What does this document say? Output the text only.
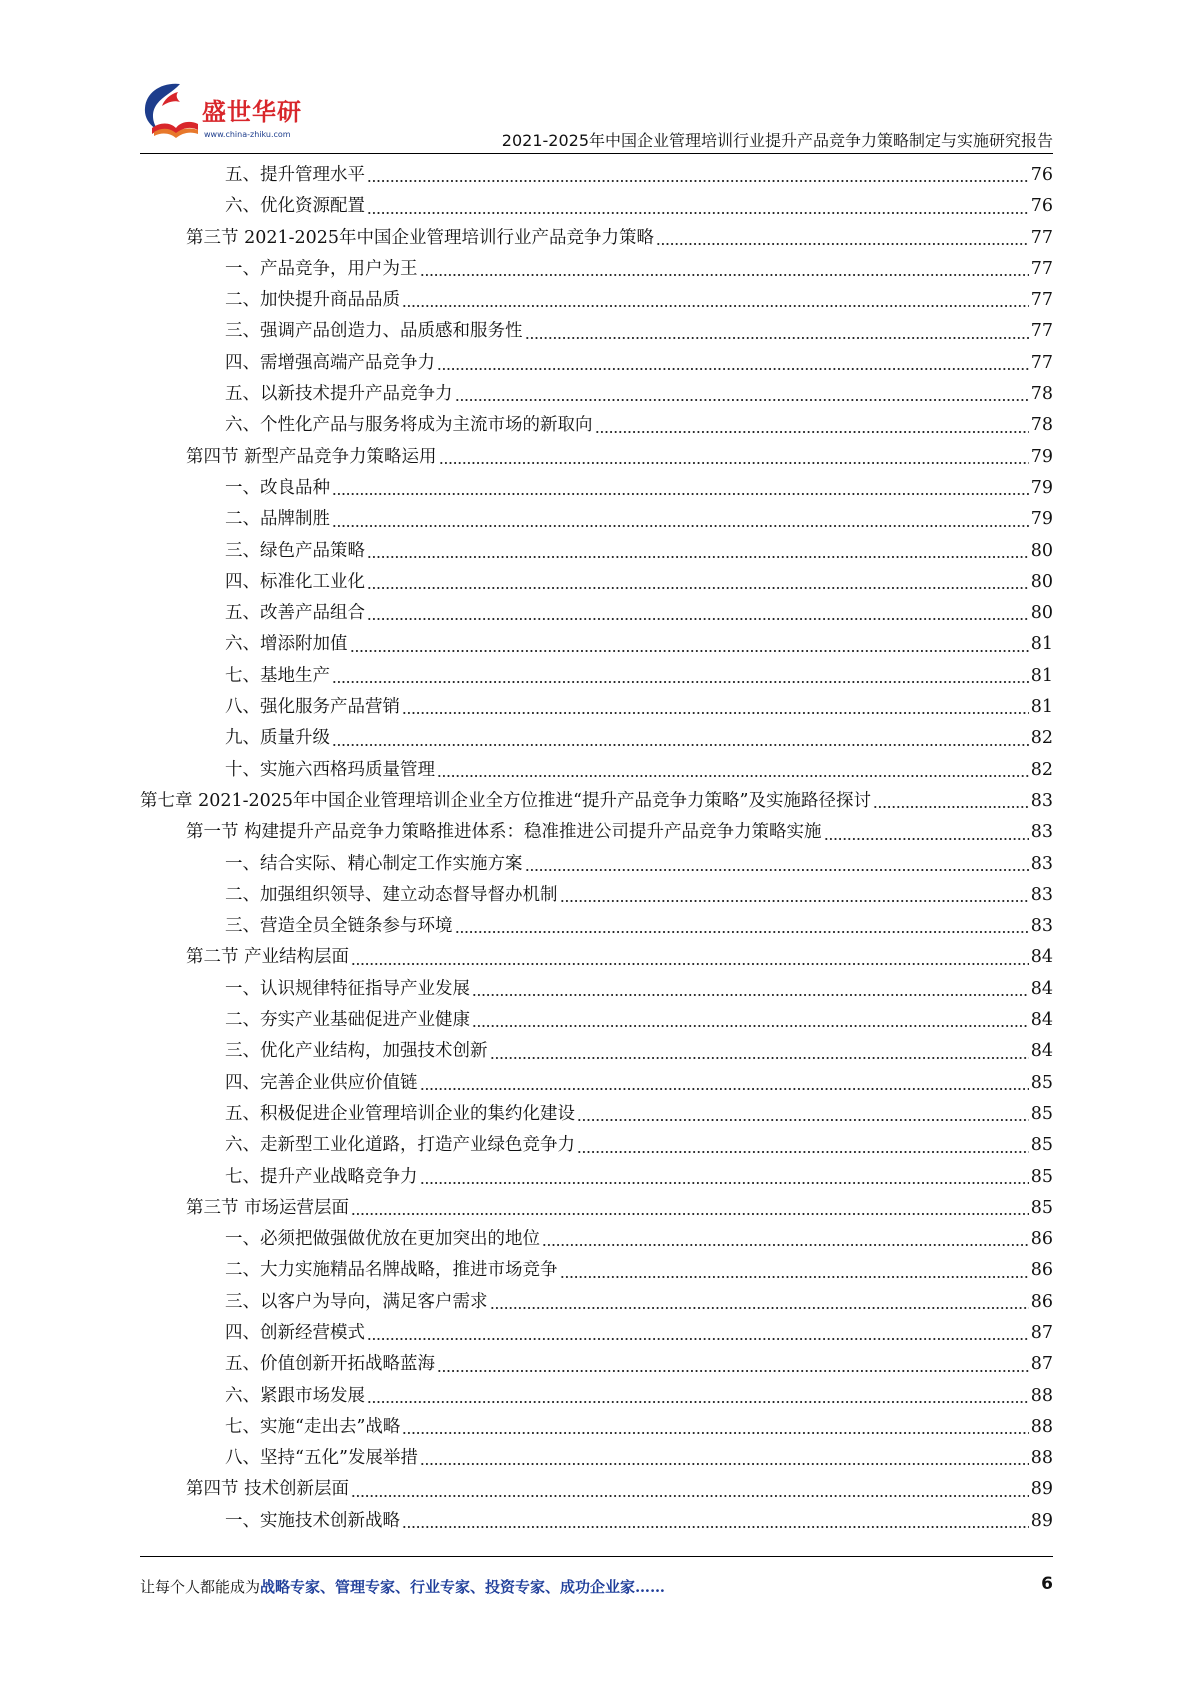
盛世华研
www.china-zhiku.com	2021-2025年中国企业管理培训行业提升产品竞争力策略制定与实施研究报告
五、提升管理水平	76
六、优化资源配置	76
第三节 2021-2025年中国企业管理培训行业产品竞争力策略	77
一、产品竞争，用户为王	77
二、加快提升商品品质	77
三、强调产品创造力、品质感和服务性	77
四、需增强高端产品竞争力	77
五、以新技术提升产品竞争力	78
六、个性化产品与服务将成为主流市场的新取向	78
第四节 新型产品竞争力策略运用	79
一、改良品种	79
二、品牌制胜	79
三、绿色产品策略	80
四、标准化工业化	80
五、改善产品组合	80
六、增添附加值	81
七、基地生产	81
八、强化服务产品营销	81
九、质量升级	82
十、实施六西格玛质量管理	82
第七章 2021-2025年中国企业管理培训企业全方位推进“提升产品竞争力策略”及实施路径探讨	83
第一节 构建提升产品竞争力策略推进体系：稳准推进公司提升产品竞争力策略实施	83
一、结合实际、精心制定工作实施方案	83
二、加强组织领导、建立动态督导督办机制	83
三、营造全员全链条参与环境	83
第二节 产业结构层面	84
一、认识规律特征指导产业发展	84
二、夯实产业基础促进产业健康	84
三、优化产业结构，加强技术创新	84
四、完善企业供应价值链	85
五、积极促进企业管理培训企业的集约化建设	85
六、走新型工业化道路，打造产业绿色竞争力	85
七、提升产业战略竞争力	85
第三节 市场运营层面	85
一、必须把做强做优放在更加突出的地位	86
二、大力实施精品名牌战略，推进市场竞争	86
三、以客户为导向，满足客户需求	86
四、创新经营模式	87
五、价值创新开拓战略蓝海	87
六、紧跟市场发展	88
七、实施“走出去”战略	88
八、坚持“五化”发展举措	88
第四节 技术创新层面	89
一、实施技术创新战略	89
让每个人都能成为战略专家、管理专家、行业专家、投资专家、成功企业家……	6
